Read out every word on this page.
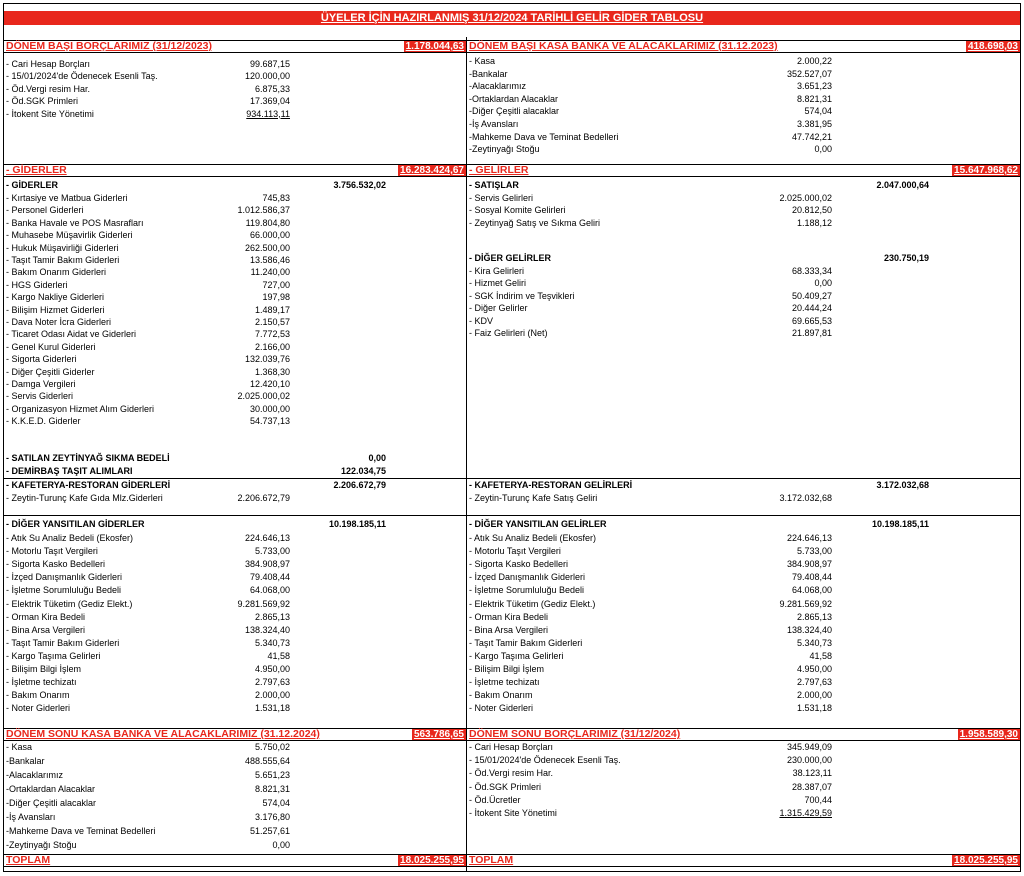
ÜYELER İÇİN HAZIRLANMIŞ 31/12/2024 TARİHLİ GELİR GİDER TABLOSU
DÖNEM BAŞI BORÇLARIMIZ (31/12/2023)	1.178.044,63 DÖNEM BAŞI KASA BANKA VE ALACAKLARIMIZ (31.12.2023)	418.698,03
- Cari Hesap Borçları	99.687,15
- 15/01/2024'de Ödenecek Esenli Taş.	120.000,00
- Öd.Vergi resim Har.	6.875,33
- Öd.SGK Primleri	17.369,04
- İtokent Site Yönetimi	934.113,11
- Kasa	2.000,22
-Bankalar	352.527,07
-Alacaklarımız	3.651,23
-Ortaklardan Alacaklar	8.821,31
-Diğer Çeşitli alacaklar	574,04
-İş Avansları	3.381,95
-Mahkeme Dava ve Teminat Bedelleri	47.742,21
-Zeytinyağı Stoğu	0,00
- GİDERLER	16.283.424,67 - GELİRLER	15.647.968,62
- GİDERLER	3.756.532,02
- Kırtasiye ve Matbua Giderleri	745,83
- Personel Giderleri	1.012.586,37
- Banka Havale ve POS Masrafları	119.804,80
- Muhasebe Müşavirlik Giderleri	66.000,00
- Hukuk Müşavirliği Giderleri	262.500,00
- Taşıt Tamir Bakım Giderleri	13.586,46
- Bakım Onarım Giderleri	11.240,00
- HGS Giderleri	727,00
- Kargo Nakliye Giderleri	197,98
- Bilişim Hizmet Giderleri	1.489,17
- Dava Noter İcra Giderleri	2.150,57
- Ticaret Odası Aidat ve Giderleri	7.772,53
- Genel Kurul Giderleri	2.166,00
- Sigorta Giderleri	132.039,76
- Diğer Çeşitli Giderler	1.368,30
- Damga Vergileri	12.420,10
- Servis Giderleri	2.025.000,02
- Organizasyon Hizmet Alım Giderleri	30.000,00
- K.K.E.D. Giderler	54.737,13
- SATILAN ZEYTİNYAĞ SIKMA BEDELİ	0,00
- DEMİRBAŞ TAŞIT ALIMLARI	122.034,75
- SATIŞLAR	2.047.000,64
- Servis Gelirleri	2.025.000,02
- Sosyal Komite Gelirleri	20.812,50
- Zeytinyağ Satış ve Sıkma Geliri	1.188,12
- DİĞER GELİRLER	230.750,19
- Kira Gelirleri	68.333,34
- Hizmet Geliri	0,00
- SGK İndirim ve Teşvikleri	50.409,27
- Diğer Gelirler	20.444,24
- KDV	69.665,53
- Faiz Gelirleri (Net)	21.897,81
- KAFETERYA-RESTORAN GİDERLERİ	2.206.672,79
- Zeytin-Turunç Kafe Gıda Mlz.Giderleri	2.206.672,79
- KAFETERYA-RESTORAN GELİRLERİ	3.172.032,68
- Zeytin-Turunç Kafe Satış Geliri	3.172.032,68
- DİĞER YANSITILAN GİDERLER	10.198.185,11	- DİĞER YANSITILAN GELİRLER	10.198.185,11
- Atık Su Analiz Bedeli (Ekosfer)	224.646,13
- Motorlu Taşıt Vergileri	5.733,00
- Sigorta Kasko Bedelleri	384.908,97
- İzçed Danışmanlık Giderleri	79.408,44
- İşletme Sorumluluğu Bedeli	64.068,00
- Elektrik Tüketim (Gediz Elekt.)	9.281.569,92
- Orman Kira Bedeli	2.865,13
- Bina Arsa Vergileri	138.324,40
- Taşıt Tamir Bakım Giderleri	5.340,73
- Kargo Taşıma Gelirleri	41,58
- Bilişim Bilgi İşlem	4.950,00
- İşletme techizatı	2.797,63
- Bakım Onarım	2.000,00
- Noter Giderleri	1.531,18
- Atık Su Analiz Bedeli (Ekosfer)	224.646,13
- Motorlu Taşıt Vergileri	5.733,00
- Sigorta Kasko Bedelleri	384.908,97
- İzçed Danışmanlık Giderleri	79.408,44
- İşletme Sorumluluğu Bedeli	64.068,00
- Elektrik Tüketim (Gediz Elekt.)	9.281.569,92
- Orman Kira Bedeli	2.865,13
- Bina Arsa Vergileri	138.324,40
- Taşıt Tamir Bakım Giderleri	5.340,73
- Kargo Taşıma Gelirleri	41,58
- Bilişim Bilgi İşlem	4.950,00
- İşletme techizatı	2.797,63
- Bakım Onarım	2.000,00
- Noter Giderleri	1.531,18
DÖNEM SONU KASA BANKA VE ALACAKLARIMIZ (31.12.2024)	563.786,65 DÖNEM SONU BORÇLARIMIZ (31/12/2024)	1.958.589,30
- Kasa	5.750,02
-Bankalar	488.555,64
-Alacaklarımız	5.651,23
-Ortaklardan Alacaklar	8.821,31
-Diğer Çeşitli alacaklar	574,04
-İş Avansları	3.176,80
-Mahkeme Dava ve Teminat Bedelleri	51.257,61
-Zeytinyağı Stoğu	0,00
- Cari Hesap Borçları	345.949,09
- 15/01/2024'de Ödenecek Esenli Taş.	230.000,00
- Öd.Vergi resim Har.	38.123,11
- Öd.SGK Primleri	28.387,07
- Öd.Ücretler	700,44
- İtokent Site Yönetimi	1.315.429,59
TOPLAM	18.025.255,95 TOPLAM	18.025.255,95
